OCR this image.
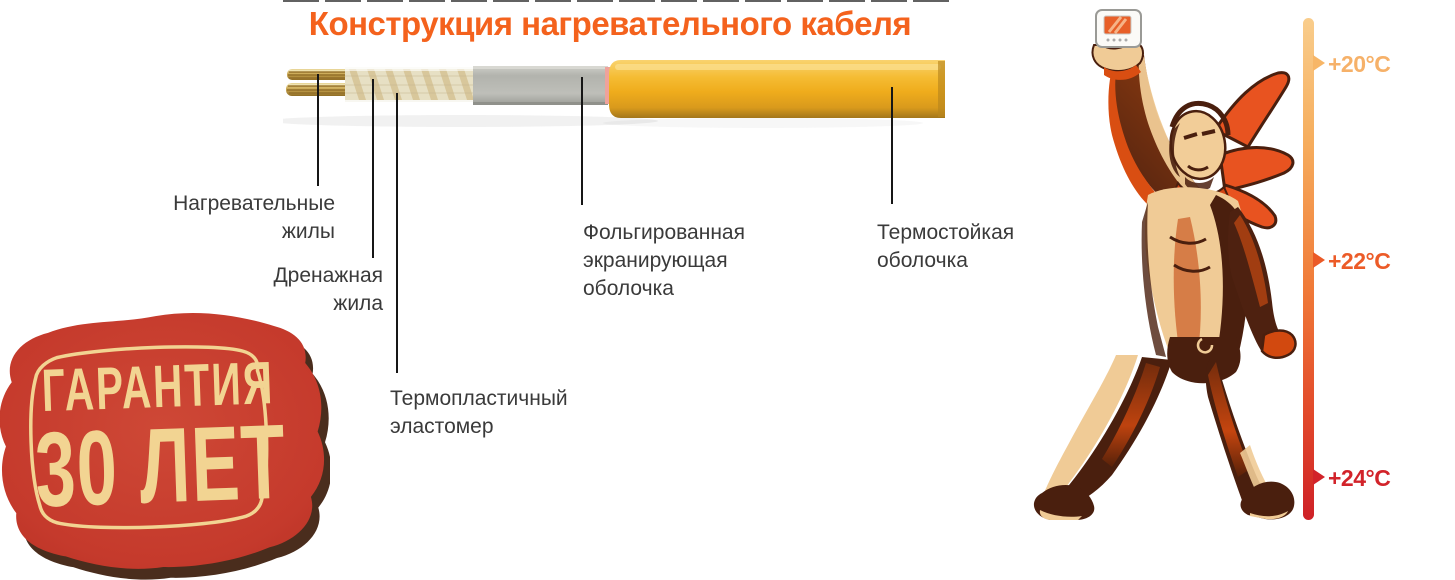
Конструкция нагревательного кабеля
Нагревательные
жилы
Дренажная
жила
Термопластичный
эластомер
Фольгированная
экранирующая
оболочка
Термостойкая
оболочка
ГАРАНТИЯ
30 ЛЕТ
+20°C
+22°C
+24°C
